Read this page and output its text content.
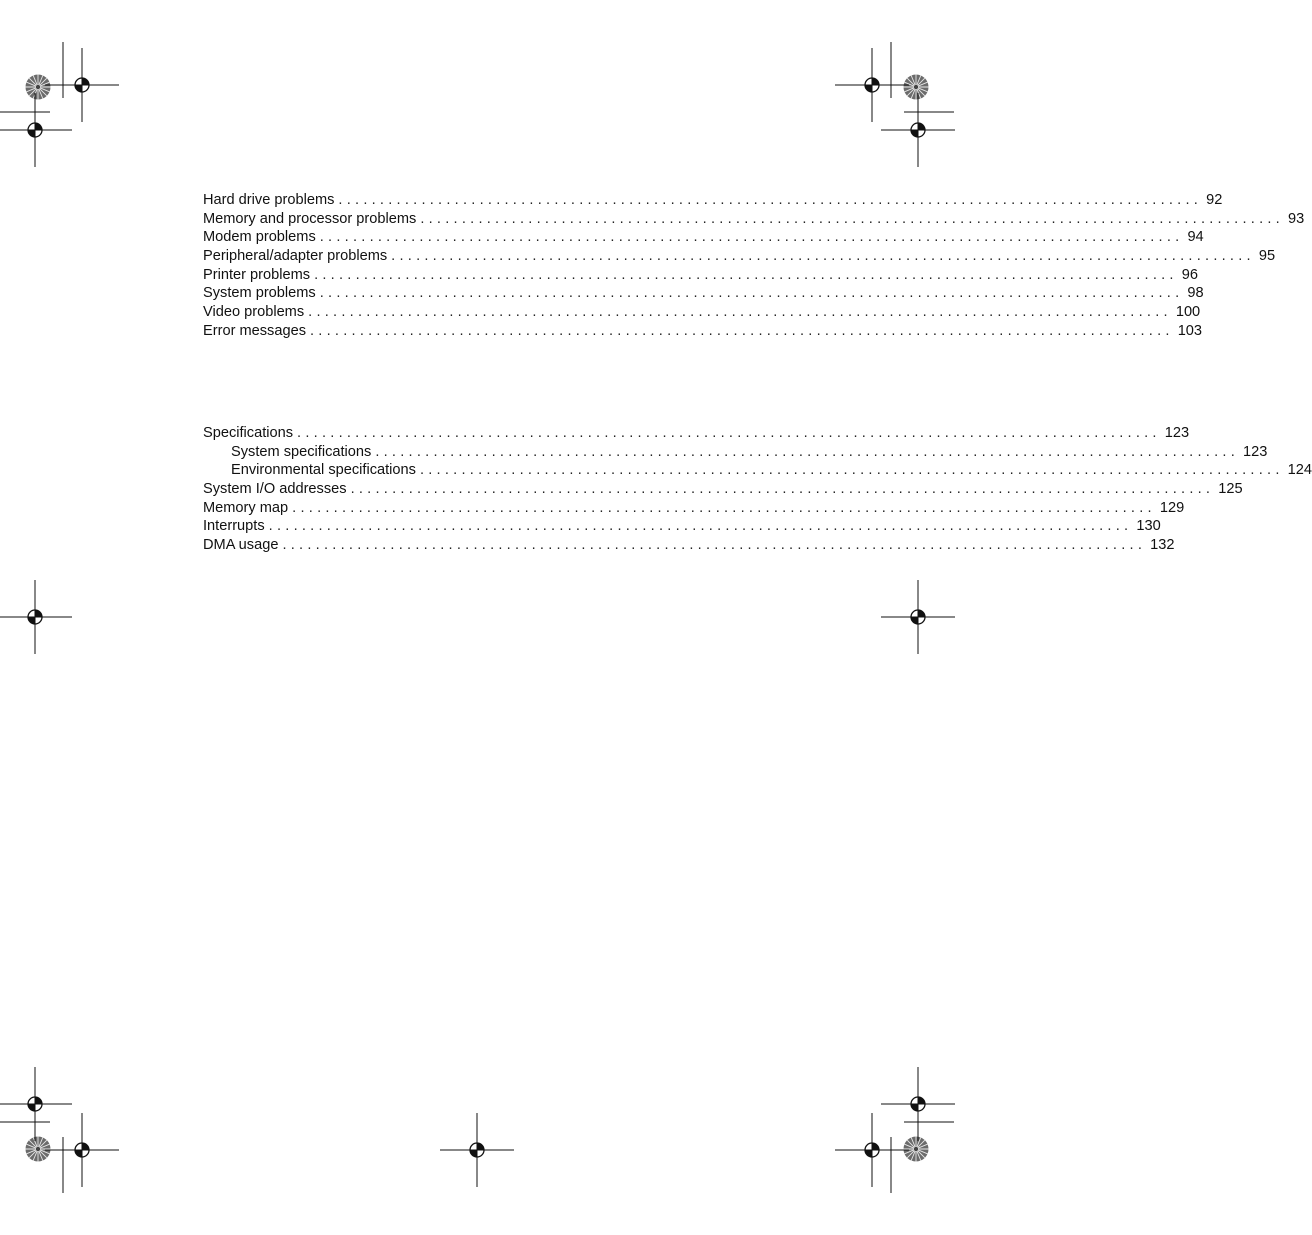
Hard drive problems ........................................................................................................ 92
Memory and processor problems ........................................................................................................ 93
Modem problems ........................................................................................................ 94
Peripheral/adapter problems ........................................................................................................ 95
Printer problems ........................................................................................................ 96
System problems ........................................................................................................ 98
Video problems ........................................................................................................ 100
Error messages ........................................................................................................ 103
Specifications ........................................................................................................ 123
System specifications ........................................................................................................ 123
Environmental specifications ........................................................................................................ 124
System I/O addresses ........................................................................................................ 125
Memory map ........................................................................................................ 129
Interrupts ........................................................................................................ 130
DMA usage ........................................................................................................ 132
